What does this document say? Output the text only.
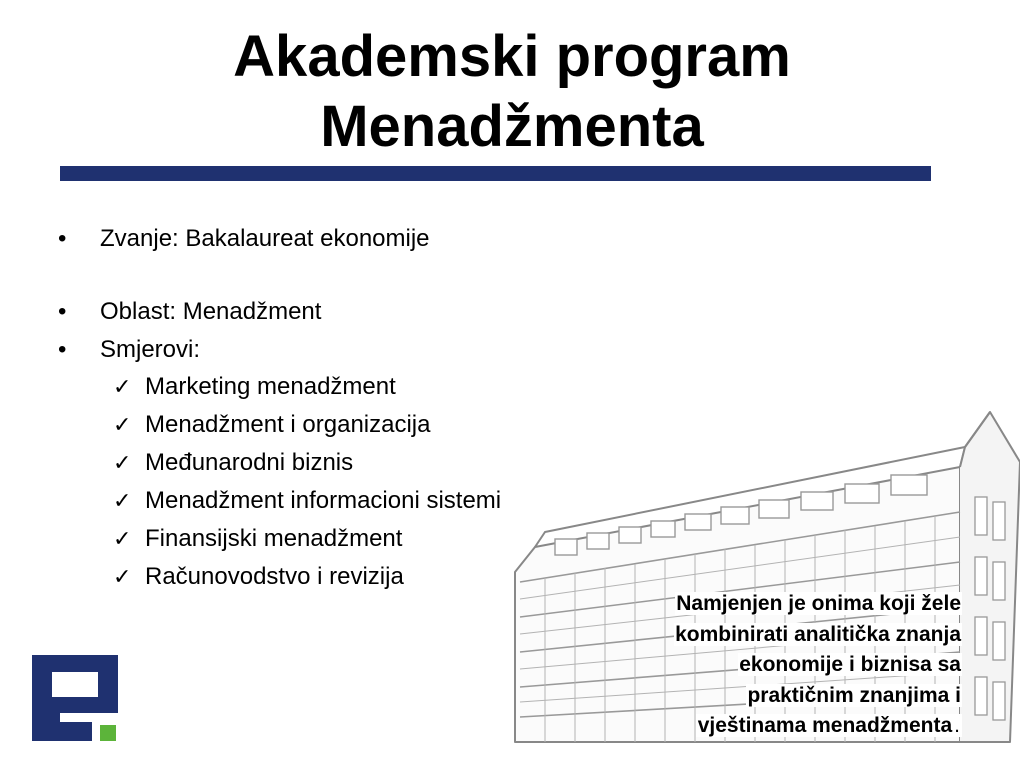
Akademski program
Menadžmenta
• Zvanje: Bakalaureat ekonomije
• Oblast: Menadžment
• Smjerovi:
✓ Marketing menadžment
✓ Menadžment i organizacija
✓ Međunarodni biznis
✓ Menadžment informacioni sistemi
✓ Finansijski menadžment
✓ Računovodstvo i revizija

Namjenjen je onima koji žele
kombinirati analitička znanja
ekonomije i biznisa sa
praktičnim znanjima i
vještinama menadžmenta.
